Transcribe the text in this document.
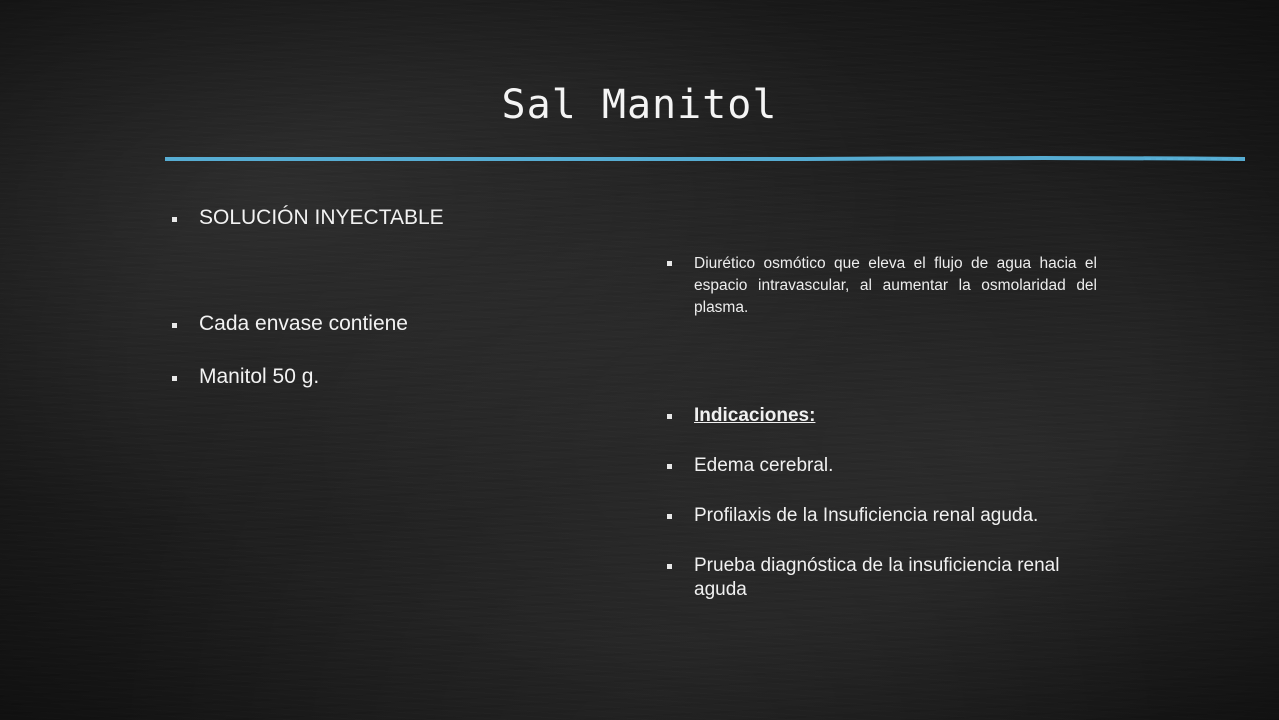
Sal Manitol
SOLUCIÓN INYECTABLE
Cada envase contiene
Manitol 50 g.
Diurético osmótico que eleva el flujo de agua hacia el espacio intravascular, al aumentar la osmolaridad del plasma.
Indicaciones:
Edema cerebral.
Profilaxis de la Insuficiencia renal aguda.
Prueba diagnóstica de la insuficiencia renal aguda
